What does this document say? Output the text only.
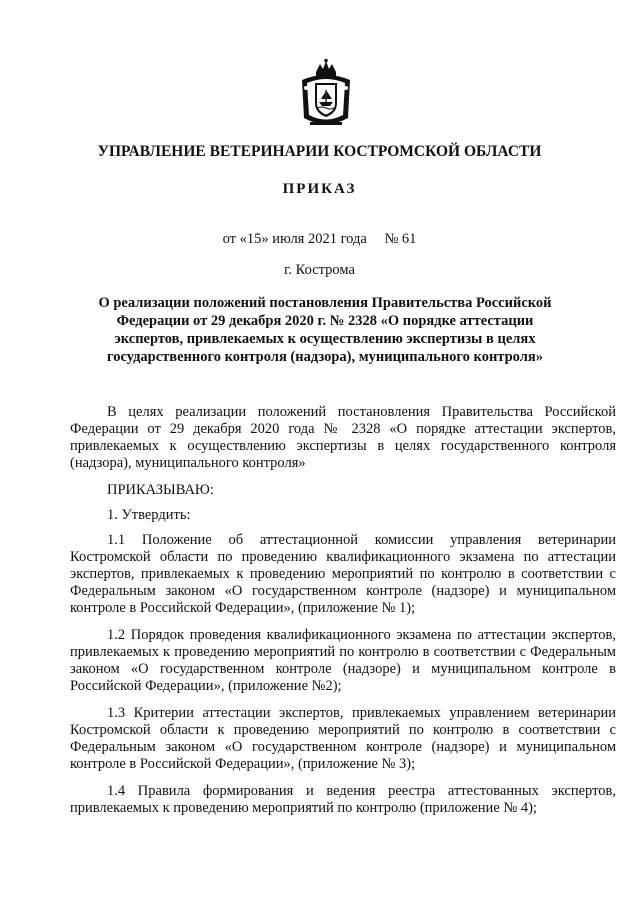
УПРАВЛЕНИЕ ВЕТЕРИНАРИИ КОСТРОМСКОЙ ОБЛАСТИ
ПРИКАЗ
от «15» июля 2021 года № 61
г. Кострома
О реализации положений постановления Правительства Российской Федерации от 29 декабря 2020 г. № 2328 «О порядке аттестации экспертов, привлекаемых к осуществлению экспертизы в целях государственного контроля (надзора), муниципального контроля»

В целях реализации положений постановления Правительства Российской Федерации от 29 декабря 2020 года № 2328 «О порядке аттестации экспертов, привлекаемых к осуществлению экспертизы в целях государственного контроля (надзора), муниципального контроля»

ПРИКАЗЫВАЮ:

1. Утвердить:

1.1 Положение об аттестационной комиссии управления ветеринарии Костромской области по проведению квалификационного экзамена по аттестации экспертов, привлекаемых к проведению мероприятий по контролю в соответствии с Федеральным законом «О государственном контроле (надзоре) и муниципальном контроле в Российской Федерации», (приложение № 1);

1.2 Порядок проведения квалификационного экзамена по аттестации экспертов, привлекаемых к проведению мероприятий по контролю в соответствии с Федеральным законом «О государственном контроле (надзоре) и муниципальном контроле в Российской Федерации», (приложение №2);

1.3 Критерии аттестации экспертов, привлекаемых управлением ветеринарии Костромской области к проведению мероприятий по контролю в соответствии с Федеральным законом «О государственном контроле (надзоре) и муниципальном контроле в Российской Федерации», (приложение № 3);

1.4 Правила формирования и ведения реестра аттестованных экспертов, привлекаемых к проведению мероприятий по контролю (приложение № 4);
